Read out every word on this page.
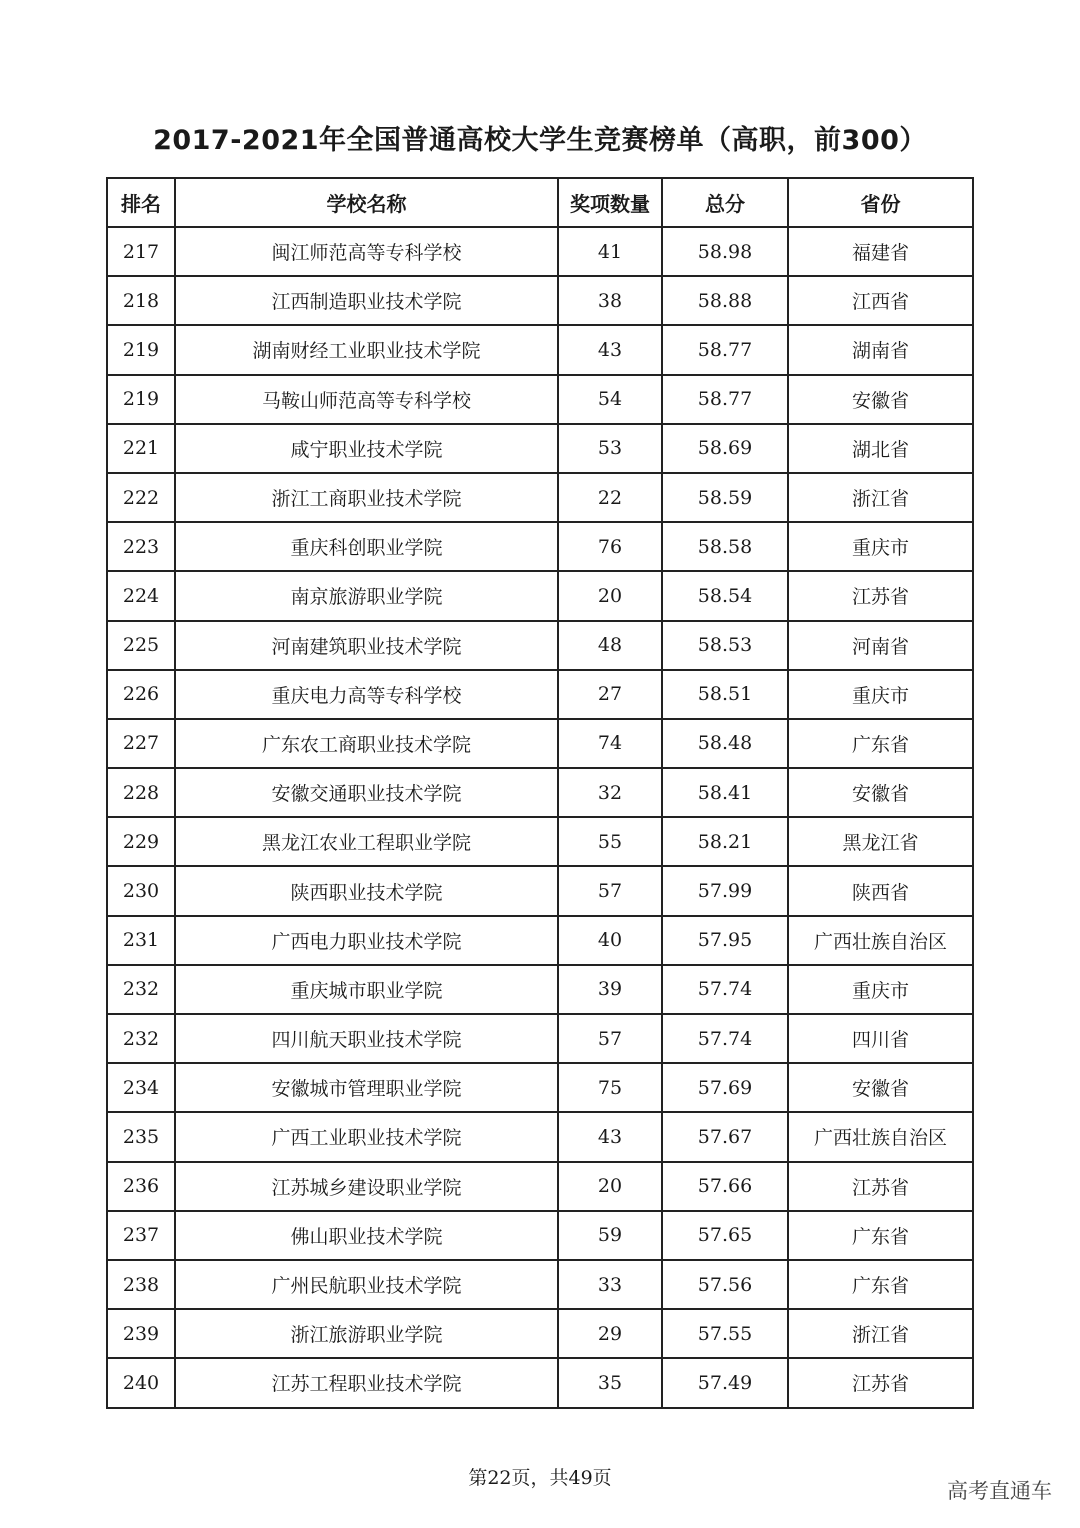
2017-2021年全国普通高校大学生竞赛榜单（高职，前300）
排名	学校名称	奖项数量	总分	省份
217	闽江师范高等专科学校	41	58.98	福建省
218	江西制造职业技术学院	38	58.88	江西省
219	湖南财经工业职业技术学院	43	58.77	湖南省
219	马鞍山师范高等专科学校	54	58.77	安徽省
221	咸宁职业技术学院	53	58.69	湖北省
222	浙江工商职业技术学院	22	58.59	浙江省
223	重庆科创职业学院	76	58.58	重庆市
224	南京旅游职业学院	20	58.54	江苏省
225	河南建筑职业技术学院	48	58.53	河南省
226	重庆电力高等专科学校	27	58.51	重庆市
227	广东农工商职业技术学院	74	58.48	广东省
228	安徽交通职业技术学院	32	58.41	安徽省
229	黑龙江农业工程职业学院	55	58.21	黑龙江省
230	陕西职业技术学院	57	57.99	陕西省
231	广西电力职业技术学院	40	57.95	广西壮族自治区
232	重庆城市职业学院	39	57.74	重庆市
232	四川航天职业技术学院	57	57.74	四川省
234	安徽城市管理职业学院	75	57.69	安徽省
235	广西工业职业技术学院	43	57.67	广西壮族自治区
236	江苏城乡建设职业学院	20	57.66	江苏省
237	佛山职业技术学院	59	57.65	广东省
238	广州民航职业技术学院	33	57.56	广东省
239	浙江旅游职业学院	29	57.55	浙江省
240	江苏工程职业技术学院	35	57.49	江苏省
第22页，共49页
高考直通车
